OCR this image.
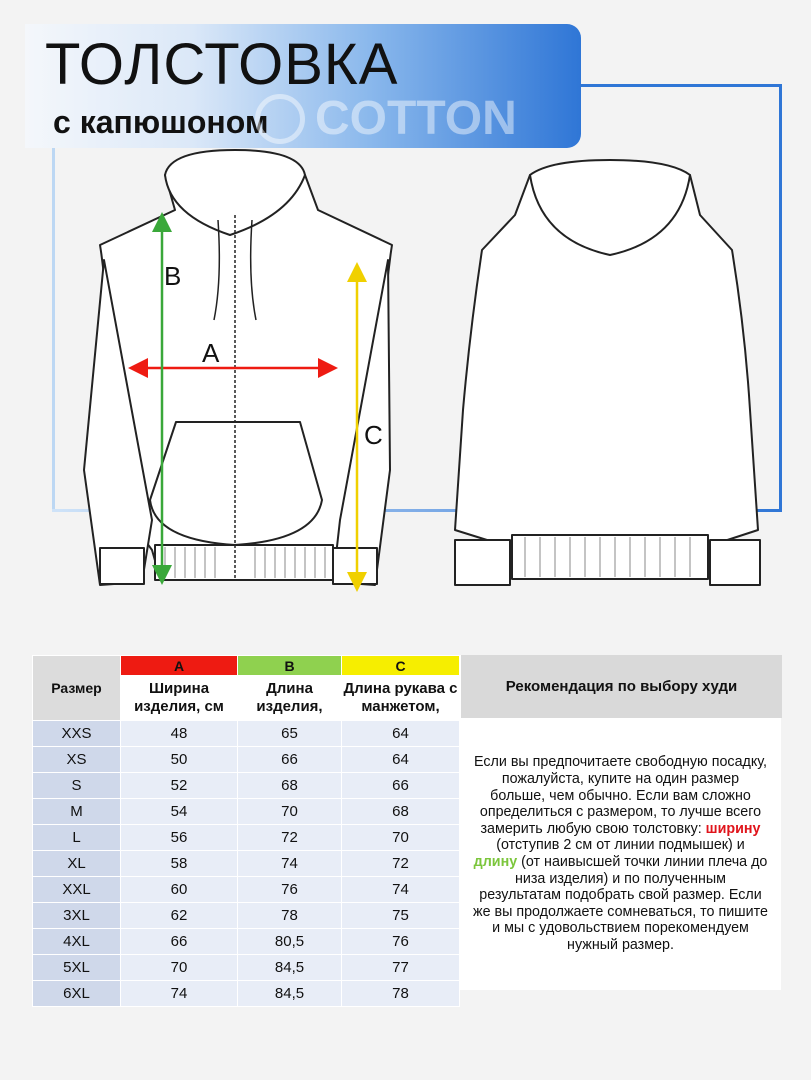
ТОЛСТОВКА
с капюшоном COTTON
A
B
C
Размер	A	B	C
	Ширина изделия, см	Длина изделия,	Длина рукава с манжетом,
XXS	48	65	64
XS	50	66	64
S	52	68	66
M	54	70	68
L	56	72	70
XL	58	74	72
XXL	60	76	74
3XL	62	78	75
4XL	66	80,5	76
5XL	70	84,5	77
6XL	74	84,5	78
Рекомендация по выбору худи
Если вы предпочитаете свободную посадку, пожалуйста, купите на один размер больше, чем обычно. Если вам сложно определиться с размером, то лучше всего замерить любую свою толстовку: ширину (отступив 2 см от линии подмышек) и длину (от наивысшей точки линии плеча до низа изделия) и по полученным результатам подобрать свой размер. Если же вы продолжаете сомневаться, то пишите и мы с удовольствием порекомендуем нужный размер.
